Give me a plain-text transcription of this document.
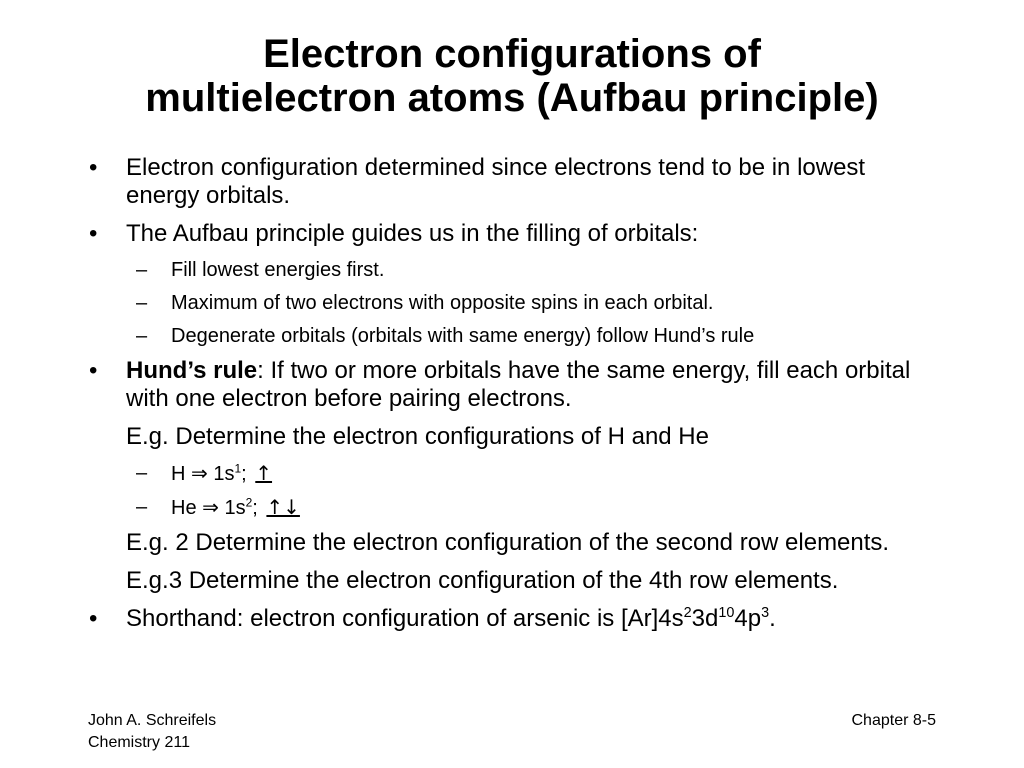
Electron configurations of
multielectron atoms (Aufbau principle)
• Electron configuration determined since electrons tend to be in lowest energy orbitals.
• The Aufbau principle guides us in the filling of orbitals:
– Fill lowest energies first.
– Maximum of two electrons with opposite spins in each orbital.
– Degenerate orbitals (orbitals with same energy) follow Hund’s rule
• Hund’s rule: If two or more orbitals have the same energy, fill each orbital with one electron before pairing electrons.
E.g. Determine the electron configurations of H and He
– H ⇒ $1s^1$; ↑
– He ⇒ $1s^2$; ↑↓
E.g. 2 Determine the electron configuration of the second row elements.
E.g.3 Determine the electron configuration of the 4th row elements.
• Shorthand: electron configuration of arsenic is $[Ar]4s^23d^{10}4p^3$.
John A. Schreifels
Chemistry 211
Chapter 8-5
